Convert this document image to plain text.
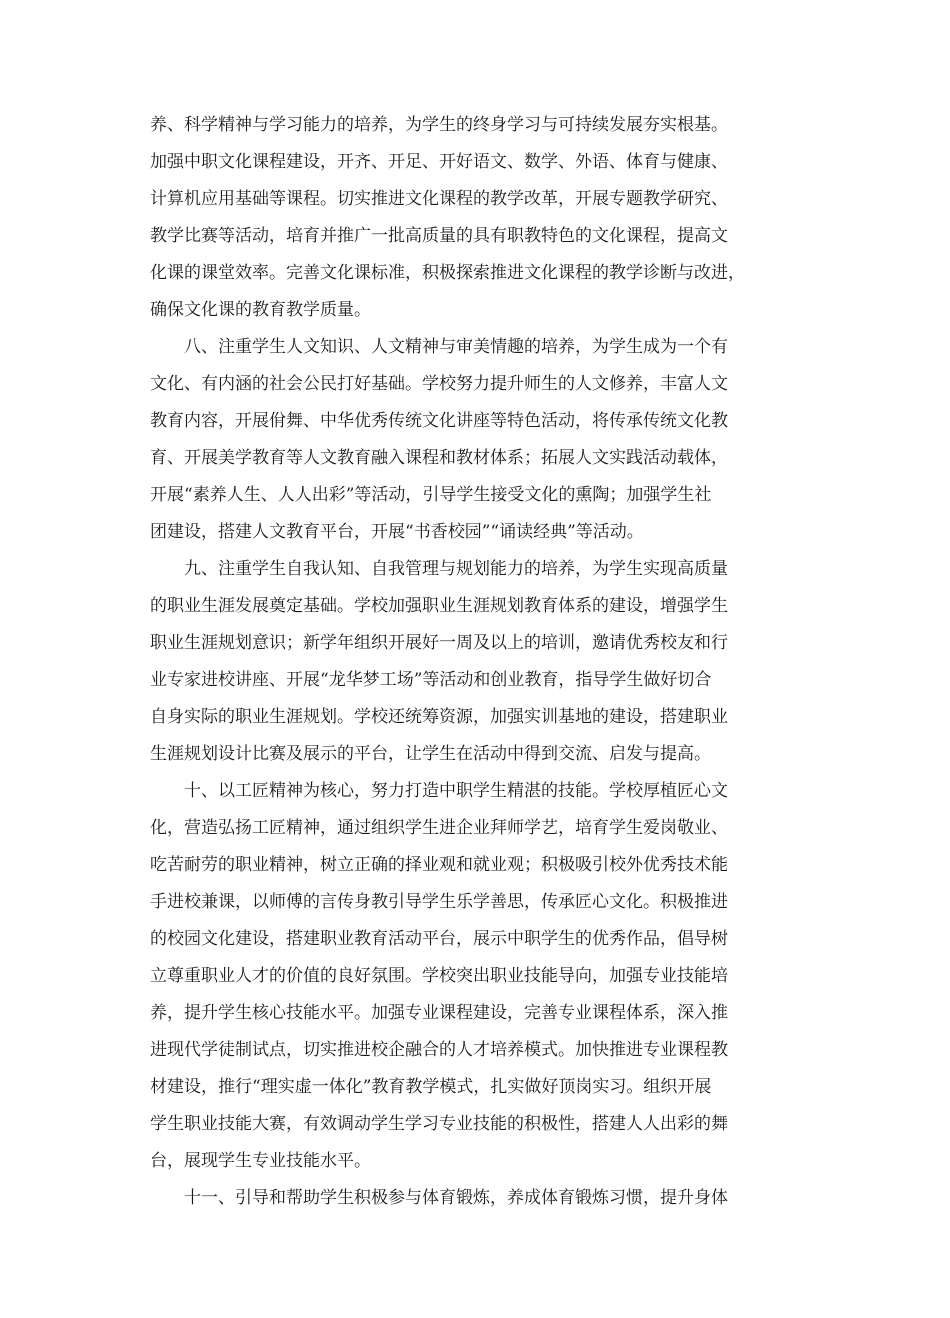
养、科学精神与学习能力的培养，为学生的终身学习与可持续发展夯实根基。
加强中职文化课程建设，开齐、开足、开好语文、数学、外语、体育与健康、
计算机应用基础等课程。切实推进文化课程的教学改革，开展专题教学研究、
教学比赛等活动，培育并推广一批高质量的具有职教特色的文化课程，提高文
化课的课堂效率。完善文化课标准，积极探索推进文化课程的教学诊断与改进，
确保文化课的教育教学质量。
　　八、注重学生人文知识、人文精神与审美情趣的培养，为学生成为一个有
文化、有内涵的社会公民打好基础。学校努力提升师生的人文修养，丰富人文
教育内容，开展佾舞、中华优秀传统文化讲座等特色活动，将传承传统文化教
育、开展美学教育等人文教育融入课程和教材体系；拓展人文实践活动载体，
开展“素养人生、人人出彩”等活动，引导学生接受文化的熏陶；加强学生社
团建设，搭建人文教育平台，开展“书香校园”“诵读经典”等活动。
　　九、注重学生自我认知、自我管理与规划能力的培养，为学生实现高质量
的职业生涯发展奠定基础。学校加强职业生涯规划教育体系的建设，增强学生
职业生涯规划意识；新学年组织开展好一周及以上的培训，邀请优秀校友和行
业专家进校讲座、开展“龙华梦工场”等活动和创业教育，指导学生做好切合
自身实际的职业生涯规划。学校还统筹资源，加强实训基地的建设，搭建职业
生涯规划设计比赛及展示的平台，让学生在活动中得到交流、启发与提高。
　　十、以工匠精神为核心，努力打造中职学生精湛的技能。学校厚植匠心文
化，营造弘扬工匠精神，通过组织学生进企业拜师学艺，培育学生爱岗敬业、
吃苦耐劳的职业精神，树立正确的择业观和就业观；积极吸引校外优秀技术能
手进校兼课，以师傅的言传身教引导学生乐学善思，传承匠心文化。积极推进
的校园文化建设，搭建职业教育活动平台，展示中职学生的优秀作品，倡导树
立尊重职业人才的价值的良好氛围。学校突出职业技能导向，加强专业技能培
养，提升学生核心技能水平。加强专业课程建设，完善专业课程体系，深入推
进现代学徒制试点，切实推进校企融合的人才培养模式。加快推进专业课程教
材建设，推行“理实虚一体化”教育教学模式，扎实做好顶岗实习。组织开展
学生职业技能大赛，有效调动学生学习专业技能的积极性，搭建人人出彩的舞
台，展现学生专业技能水平。
　　十一、引导和帮助学生积极参与体育锻炼，养成体育锻炼习惯，提升身体
